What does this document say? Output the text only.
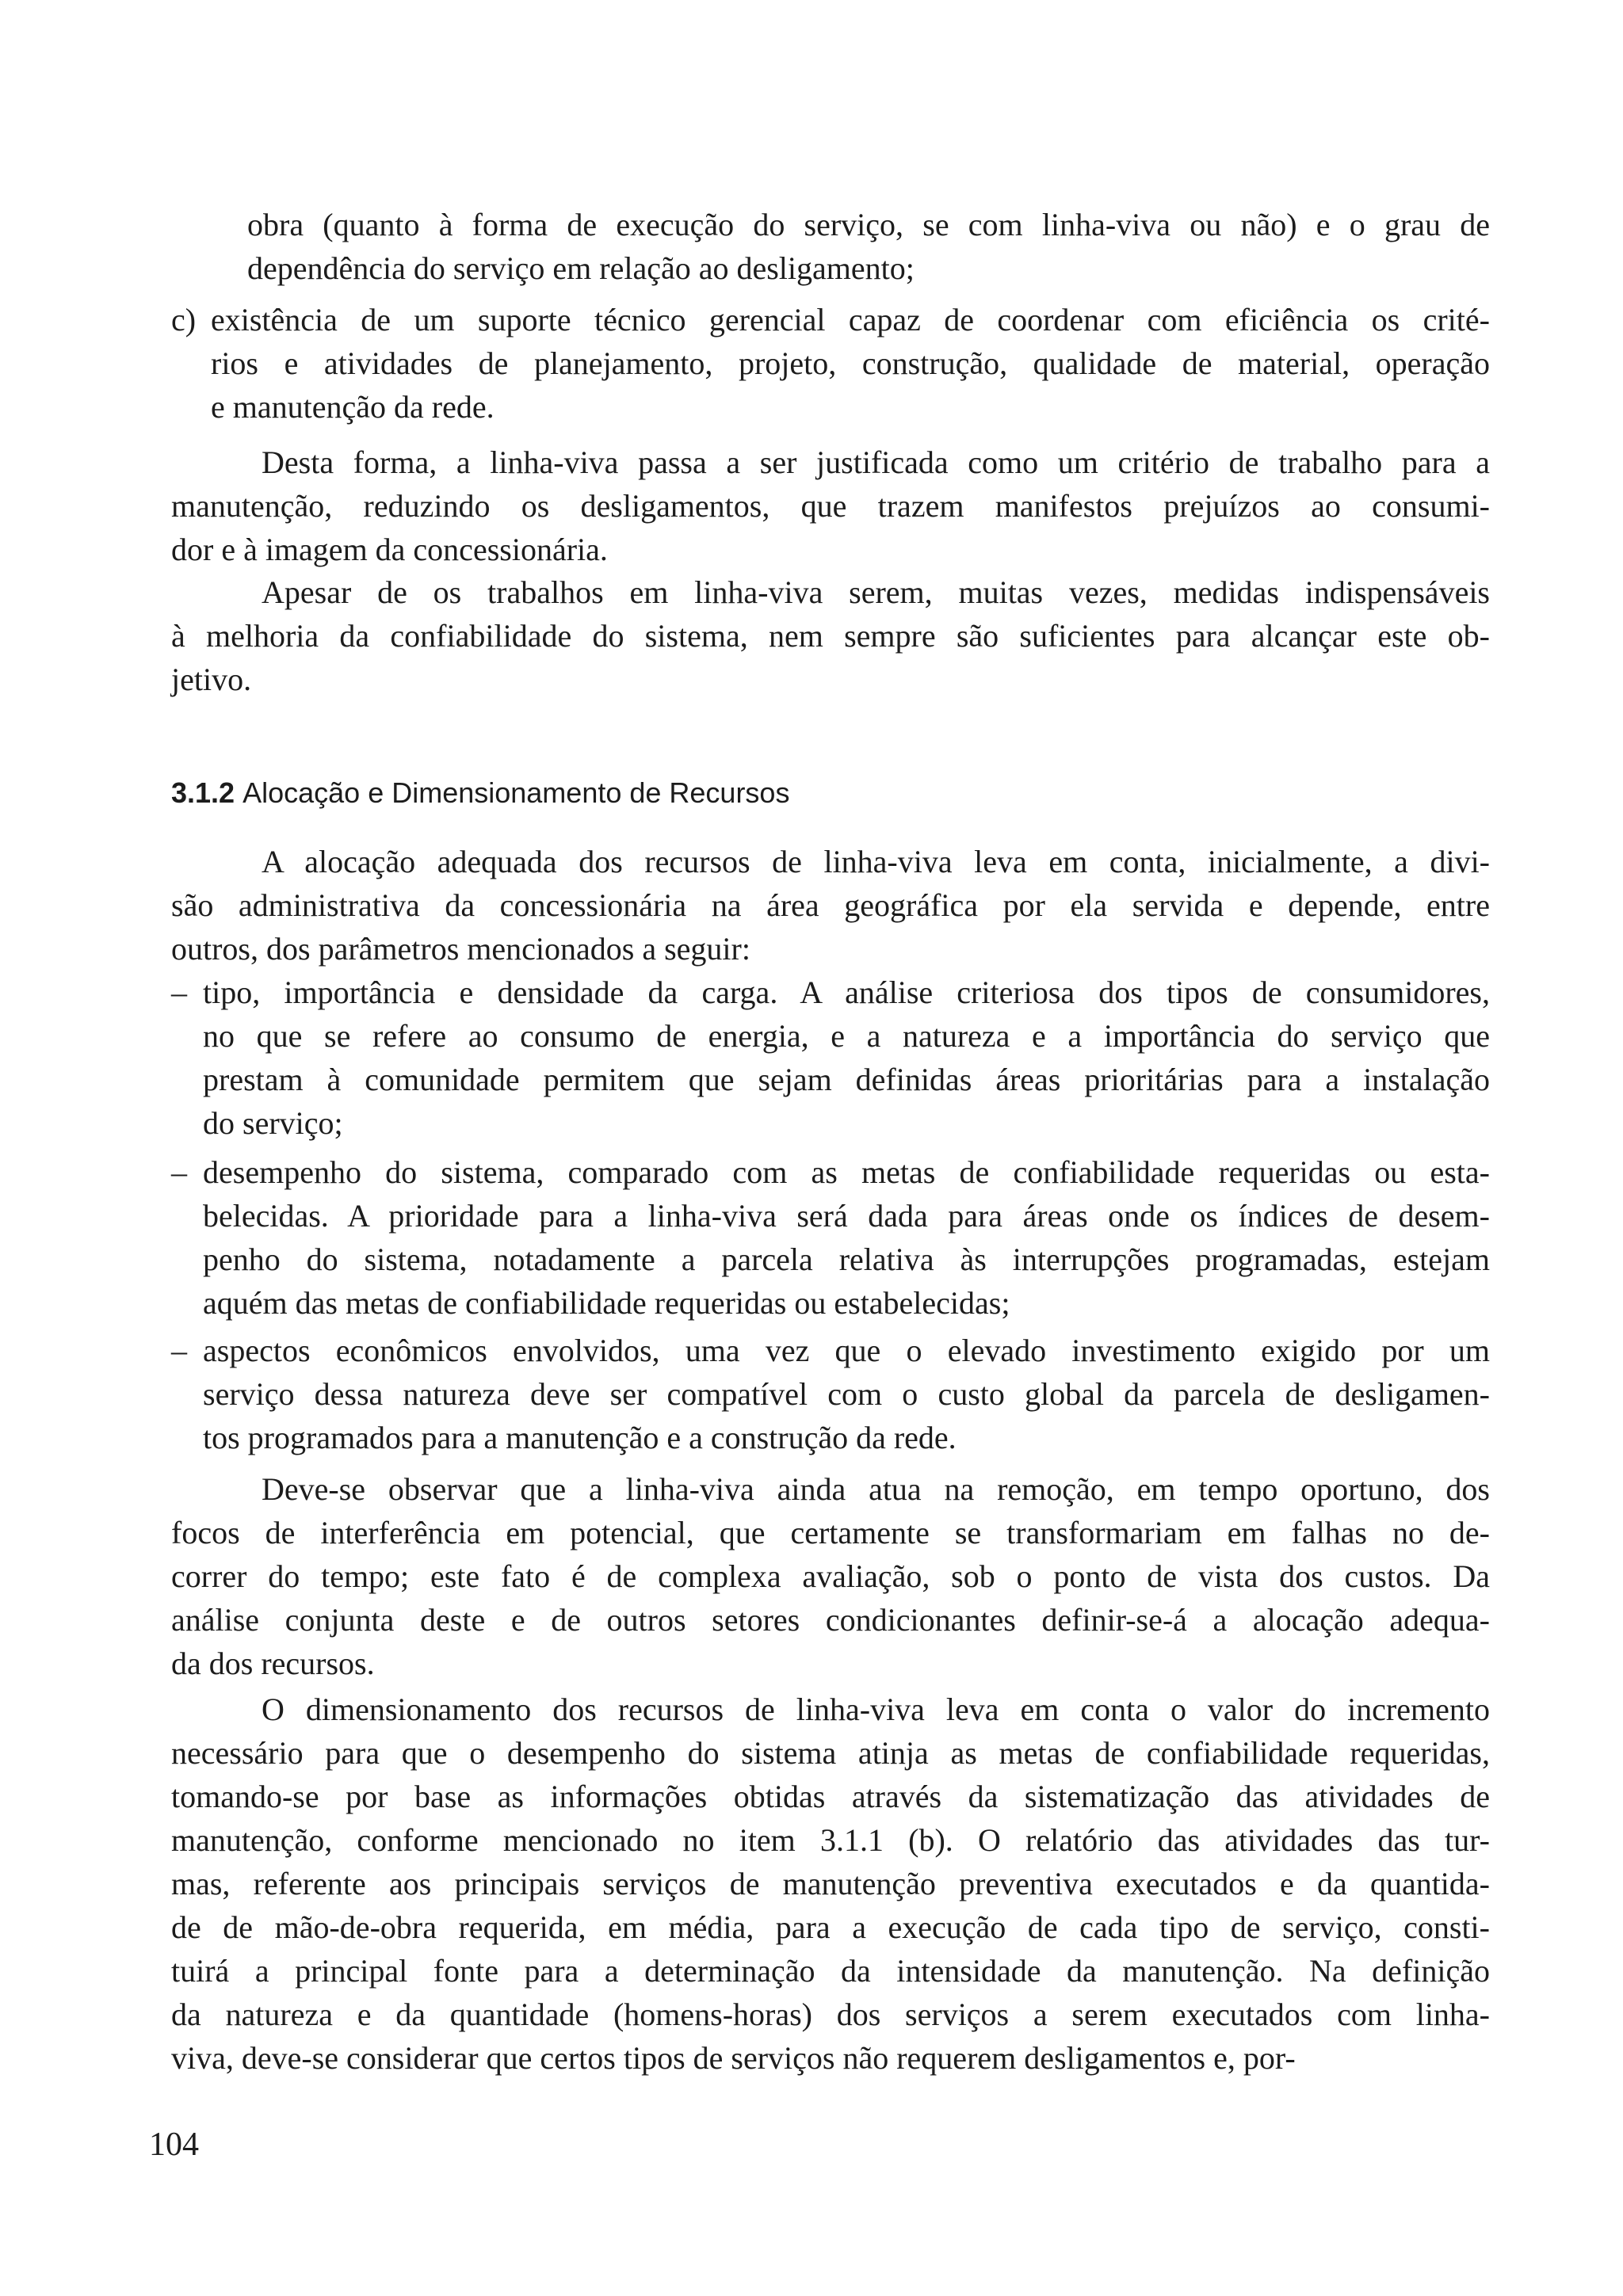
obra (quanto à forma de execução do serviço, se com linha-viva ou não) e o grau de
dependência do serviço em relação ao desligamento;
c) existência de um suporte técnico gerencial capaz de coordenar com eficiência os crité-
rios e atividades de planejamento, projeto, construção, qualidade de material, operação
e manutenção da rede.
Desta forma, a linha-viva passa a ser justificada como um critério de trabalho para a
manutenção, reduzindo os desligamentos, que trazem manifestos prejuízos ao consumi-
dor e à imagem da concessionária.
Apesar de os trabalhos em linha-viva serem, muitas vezes, medidas indispensáveis
à melhoria da confiabilidade do sistema, nem sempre são suficientes para alcançar este ob-
jetivo.
3.1.2 Alocação e Dimensionamento de Recursos
A alocação adequada dos recursos de linha-viva leva em conta, inicialmente, a divi-
são administrativa da concessionária na área geográfica por ela servida e depende, entre
outros, dos parâmetros mencionados a seguir:
– tipo, importância e densidade da carga. A análise criteriosa dos tipos de consumidores,
no que se refere ao consumo de energia, e a natureza e a importância do serviço que
prestam à comunidade permitem que sejam definidas áreas prioritárias para a instalação
do serviço;
– desempenho do sistema, comparado com as metas de confiabilidade requeridas ou esta-
belecidas. A prioridade para a linha-viva será dada para áreas onde os índices de desem-
penho do sistema, notadamente a parcela relativa às interrupções programadas, estejam
aquém das metas de confiabilidade requeridas ou estabelecidas;
– aspectos econômicos envolvidos, uma vez que o elevado investimento exigido por um
serviço dessa natureza deve ser compatível com o custo global da parcela de desligamen-
tos programados para a manutenção e a construção da rede.
Deve-se observar que a linha-viva ainda atua na remoção, em tempo oportuno, dos
focos de interferência em potencial, que certamente se transformariam em falhas no de-
correr do tempo; este fato é de complexa avaliação, sob o ponto de vista dos custos. Da
análise conjunta deste e de outros setores condicionantes definir-se-á a alocação adequa-
da dos recursos.
O dimensionamento dos recursos de linha-viva leva em conta o valor do incremento
necessário para que o desempenho do sistema atinja as metas de confiabilidade requeridas,
tomando-se por base as informações obtidas através da sistematização das atividades de
manutenção, conforme mencionado no item 3.1.1 (b). O relatório das atividades das tur-
mas, referente aos principais serviços de manutenção preventiva executados e da quantida-
de de mão-de-obra requerida, em média, para a execução de cada tipo de serviço, consti-
tuirá a principal fonte para a determinação da intensidade da manutenção. Na definição
da natureza e da quantidade (homens-horas) dos serviços a serem executados com linha-
viva, deve-se considerar que certos tipos de serviços não requerem desligamentos e, por-
104
